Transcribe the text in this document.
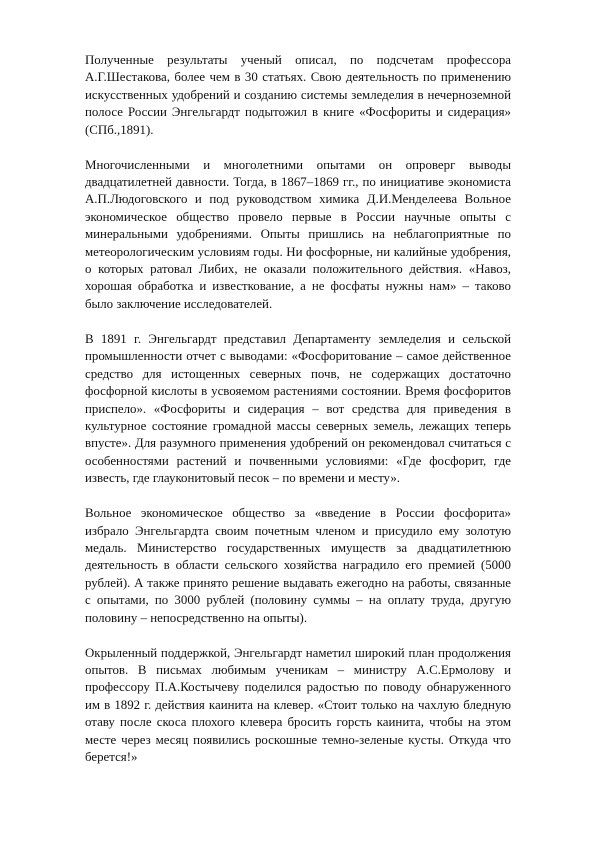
Полученные результаты ученый описал, по подсчетам профессора А.Г.Шестакова, более чем в 30 статьях. Свою деятельность по применению искусственных удобрений и созданию системы земледелия в нечерноземной полосе России Энгельгардт подытожил в книге «Фосфориты и сидерация» (СПб.,1891).

Многочисленными и многолетними опытами он опроверг выводы двадцатилетней давности. Тогда, в 1867–1869 гг., по инициативе экономиста А.П.Людоговского и под руководством химика Д.И.Менделеева Вольное экономическое общество провело первые в России научные опыты с минеральными удобрениями. Опыты пришлись на неблагоприятные по метеорологическим условиям годы. Ни фосфорные, ни калийные удобрения, о которых ратовал Либих, не оказали положительного действия. «Навоз, хорошая обработка и известкование, а не фосфаты нужны нам» – таково было заключение исследователей.

В 1891 г. Энгельгардт представил Департаменту земледелия и сельской промышленности отчет с выводами: «Фосфоритование – самое действенное средство для истощенных северных почв, не содержащих достаточно фосфорной кислоты в усвояемом растениями состоянии. Время фосфоритов приспело». «Фосфориты и сидерация – вот средства для приведения в культурное состояние громадной массы северных земель, лежащих теперь впусте». Для разумного применения удобрений он рекомендовал считаться с особенностями растений и почвенными условиями: «Где фосфорит, где известь, где глауконитовый песок – по времени и месту».

Вольное экономическое общество за «введение в России фосфорита» избрало Энгельгардта своим почетным членом и присудило ему золотую медаль. Министерство государственных имуществ за двадцатилетнюю деятельность в области сельского хозяйства наградило его премией (5000 рублей). А также принято решение выдавать ежегодно на работы, связанные с опытами, по 3000 рублей (половину суммы – на оплату труда, другую половину – непосредственно на опыты).

Окрыленный поддержкой, Энгельгардт наметил широкий план продолжения опытов. В письмах любимым ученикам – министру А.С.Ермолову и профессору П.А.Костычеву поделился радостью по поводу обнаруженного им в 1892 г. действия каинита на клевер. «Стоит только на чахлую бледную отаву после скоса плохого клевера бросить горсть каинита, чтобы на этом месте через месяц появились роскошные темно-зеленые кусты. Откуда что берется!»
